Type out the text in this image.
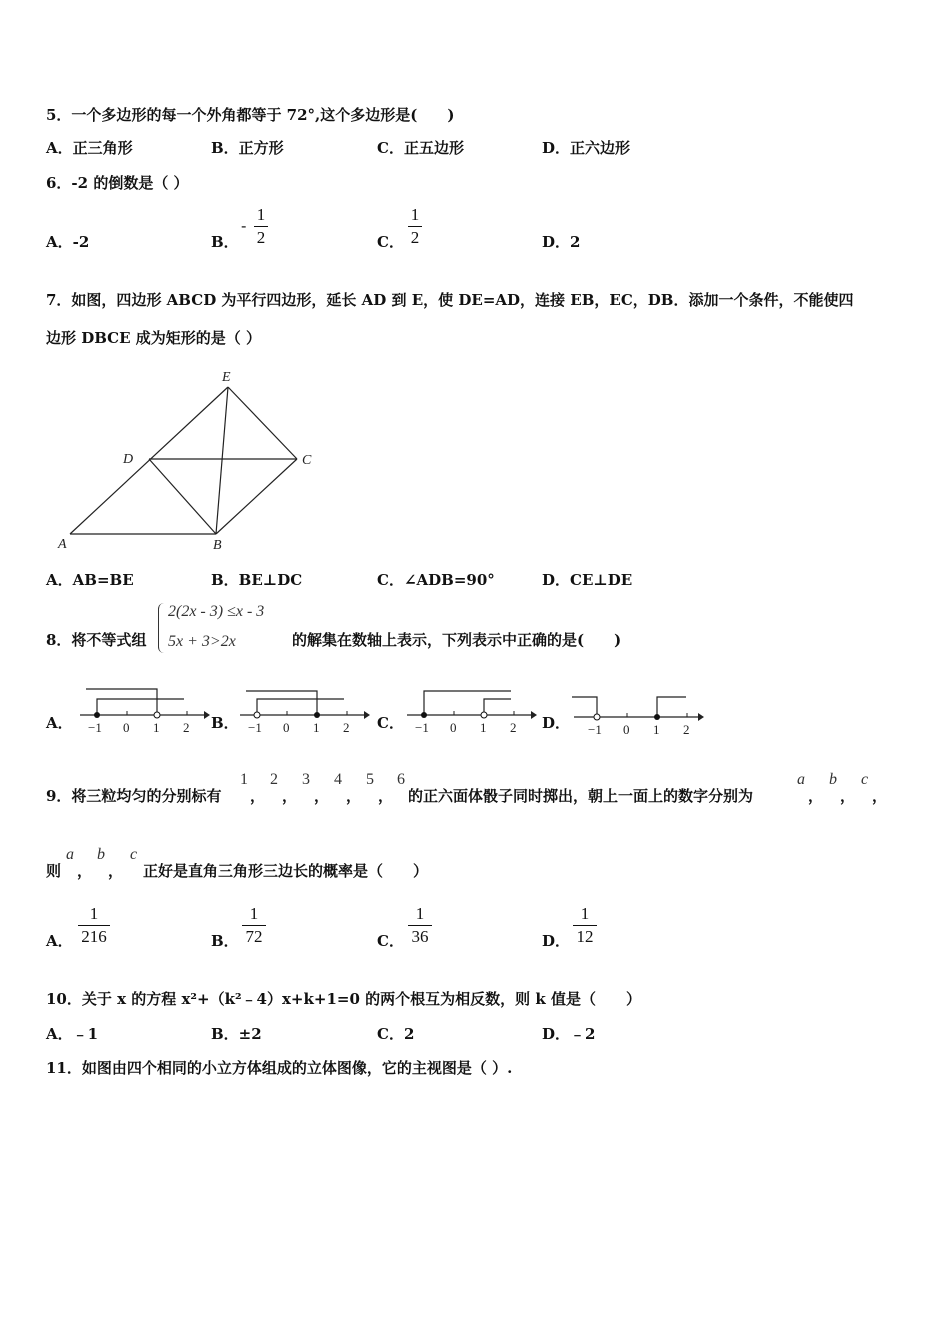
5．一个多边形的每一个外角都等于 72°,这个多边形是(　　)
A．正三角形	B．正方形	C．正五边形	D．正六边形
6．-2 的倒数是（ ）
A．-2	B．
-
1
2	C．
1
2	D．2
7．如图，四边形 ABCD 为平行四边形，延长 AD 到 E，使 DE=AD，连接 EB，EC，DB．添加一个条件，不能使四
边形 DBCE 成为矩形的是（ ）
E
D	C
A	B
A．AB=BE	B．BE⊥DC	C．∠ADB=90°	D．CE⊥DE
8．将不等式组
2(2x - 3) ≤x - 3
5x + 3>2x	的解集在数轴上表示，下列表示中正确的是(　　)
A．	B．	C．	D．
−1 0 1 2	−1 0 1 2	−1 0 1 2	−1 0 1 2
9．将三粒均匀的分别标有
1
，
2
，
3
，
4
，
5
，
6
的正六面体骰子同时掷出，朝上一面上的数字分别为
a
，
b
，
c
，
则
a
，
b
，
c
正好是直角三角形三边长的概率是（　　）
A．
1
216	B．
1
72	C．
1
36	D．
1
12
10．关于 x 的方程 x²+（k²﹣4）x+k+1=0 的两个根互为相反数，则 k 值是（　　）
A．﹣1	B．±2	C．2	D．﹣2
11．如图由四个相同的小立方体组成的立体图像，它的主视图是（ ）.
